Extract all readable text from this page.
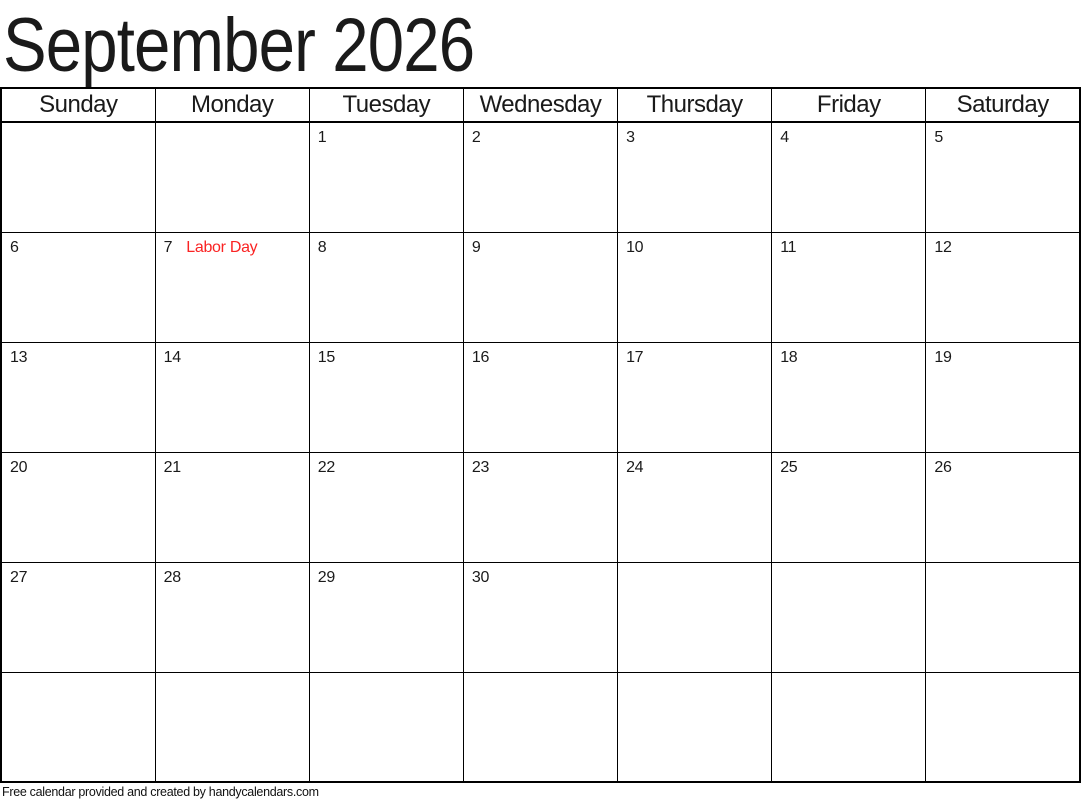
September 2026
Sunday	Monday	Tuesday	Wednesday	Thursday	Friday	Saturday
		1	2	3	4	5
6	7 Labor Day	8	9	10	11	12
13	14	15	16	17	18	19
20	21	22	23	24	25	26
27	28	29	30			

Free calendar provided and created by handycalendars.com
